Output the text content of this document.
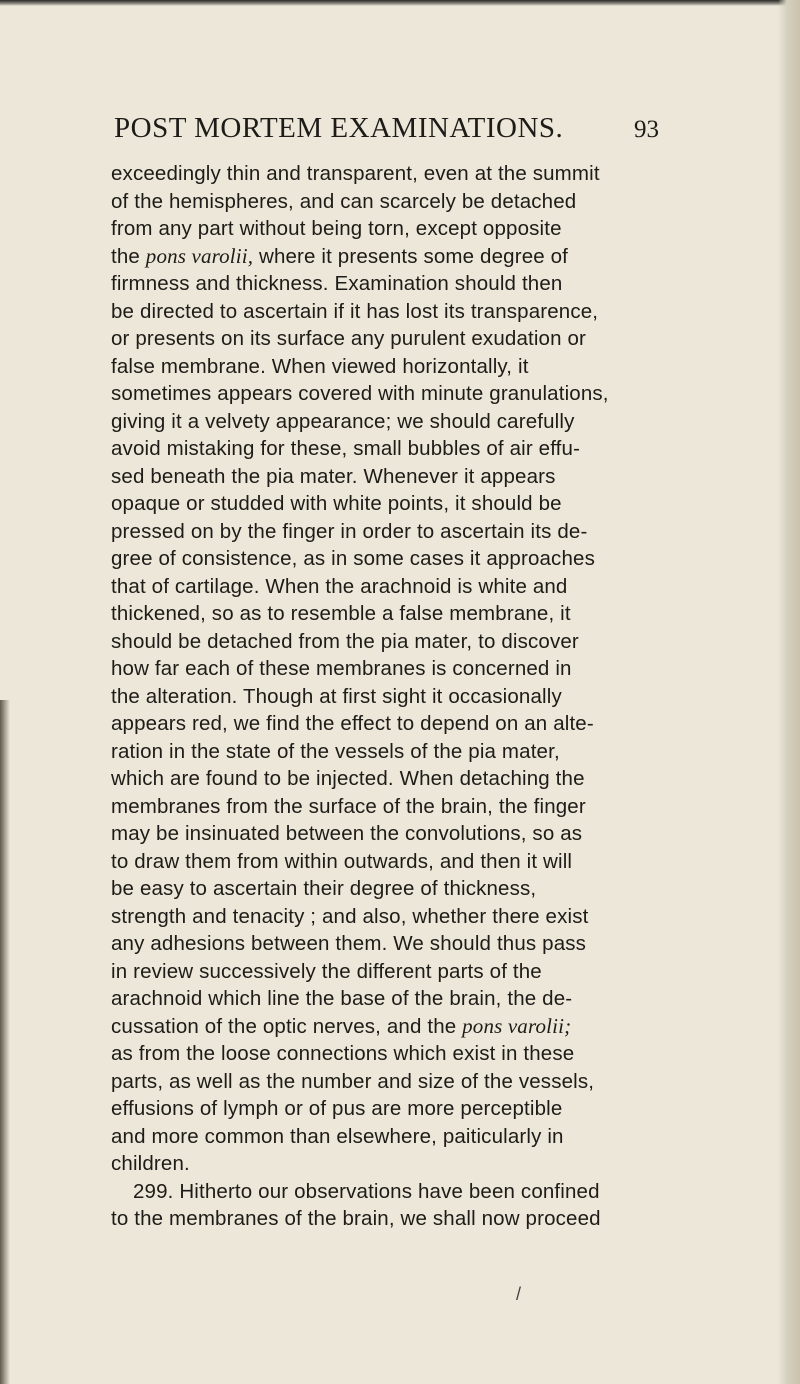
POST MORTEM EXAMINATIONS.	93
exceedingly thin and transparent, even at the summit
of the hemispheres, and can scarcely be detached
from any part without being torn, except opposite
the pons varolii, where it presents some degree of
firmness and thickness. Examination should then
be directed to ascertain if it has lost its transparence,
or presents on its surface any purulent exudation or
false membrane. When viewed horizontally, it
sometimes appears covered with minute granulations,
giving it a velvety appearance; we should carefully
avoid mistaking for these, small bubbles of air effu-
sed beneath the pia mater. Whenever it appears
opaque or studded with white points, it should be
pressed on by the finger in order to ascertain its de-
gree of consistence, as in some cases it approaches
that of cartilage. When the arachnoid is white and
thickened, so as to resemble a false membrane, it
should be detached from the pia mater, to discover
how far each of these membranes is concerned in
the alteration. Though at first sight it occasionally
appears red, we find the effect to depend on an alte-
ration in the state of the vessels of the pia mater,
which are found to be injected. When detaching the
membranes from the surface of the brain, the finger
may be insinuated between the convolutions, so as
to draw them from within outwards, and then it will
be easy to ascertain their degree of thickness,
strength and tenacity ; and also, whether there exist
any adhesions between them. We should thus pass
in review successively the different parts of the
arachnoid which line the base of the brain, the de-
cussation of the optic nerves, and the pons varolii;
as from the loose connections which exist in these
parts, as well as the number and size of the vessels,
effusions of lymph or of pus are more perceptible
and more common than elsewhere, paiticularly in
children.
299. Hitherto our observations have been confined
to the membranes of the brain, we shall now proceed
/
